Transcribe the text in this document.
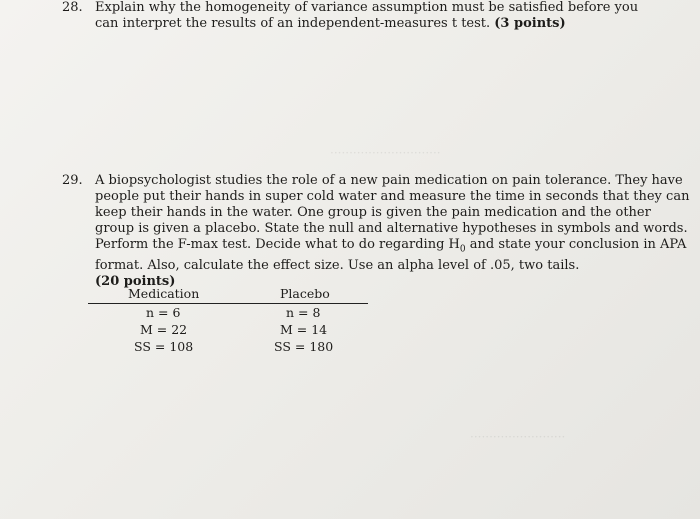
·····························
·························
28. Explain why the homogeneity of variance assumption must be satisfied before you can interpret the results of an independent-measures t test. (3 points)
29. A biopsychologist studies the role of a new pain medication on pain tolerance. They have people put their hands in super cold water and measure the time in seconds that they can keep their hands in the water. One group is given the pain medication and the other group is given a placebo. State the null and alternative hypotheses in symbols and words. Perform the F-max test. Decide what to do regarding $H_0$ and state your conclusion in APA format. Also, calculate the effect size. Use an alpha level of .05, two tails.
(20 points)
Medication	Placebo
n = 6
M = 22
SS = 108
n = 8
M = 14
SS = 180
